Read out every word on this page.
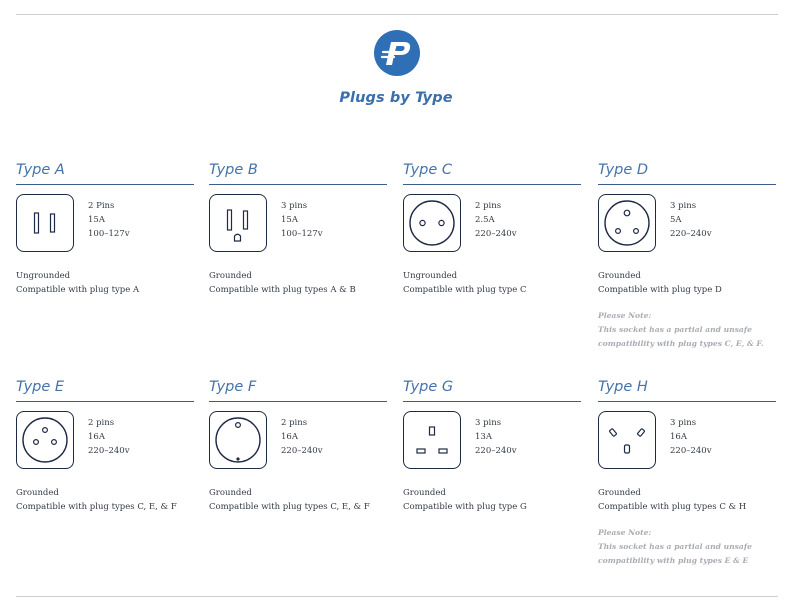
Plugs by Type
Type A
2 Pins
15A
100–127v
Ungrounded
Compatible with plug type A
Type B
3 pins
15A
100–127v
Grounded
Compatible with plug types A & B
Type C
2 pins
2.5A
220–240v
Ungrounded
Compatible with plug type C
Type D
3 pins
5A
220–240v
Grounded
Compatible with plug type D
Please Note:
This socket has a partial and unsafe
compatibility with plug types C, E, & F.
Type E
2 pins
16A
220–240v
Grounded
Compatible with plug types C, E, & F
Type F
2 pins
16A
220–240v
Grounded
Compatible with plug types C, E, & F
Type G
3 pins
13A
220–240v
Grounded
Compatible with plug type G
Type H
3 pins
16A
220–240v
Grounded
Compatible with plug types C & H
Please Note:
This socket has a partial and unsafe
compatibility with plug types E & E
